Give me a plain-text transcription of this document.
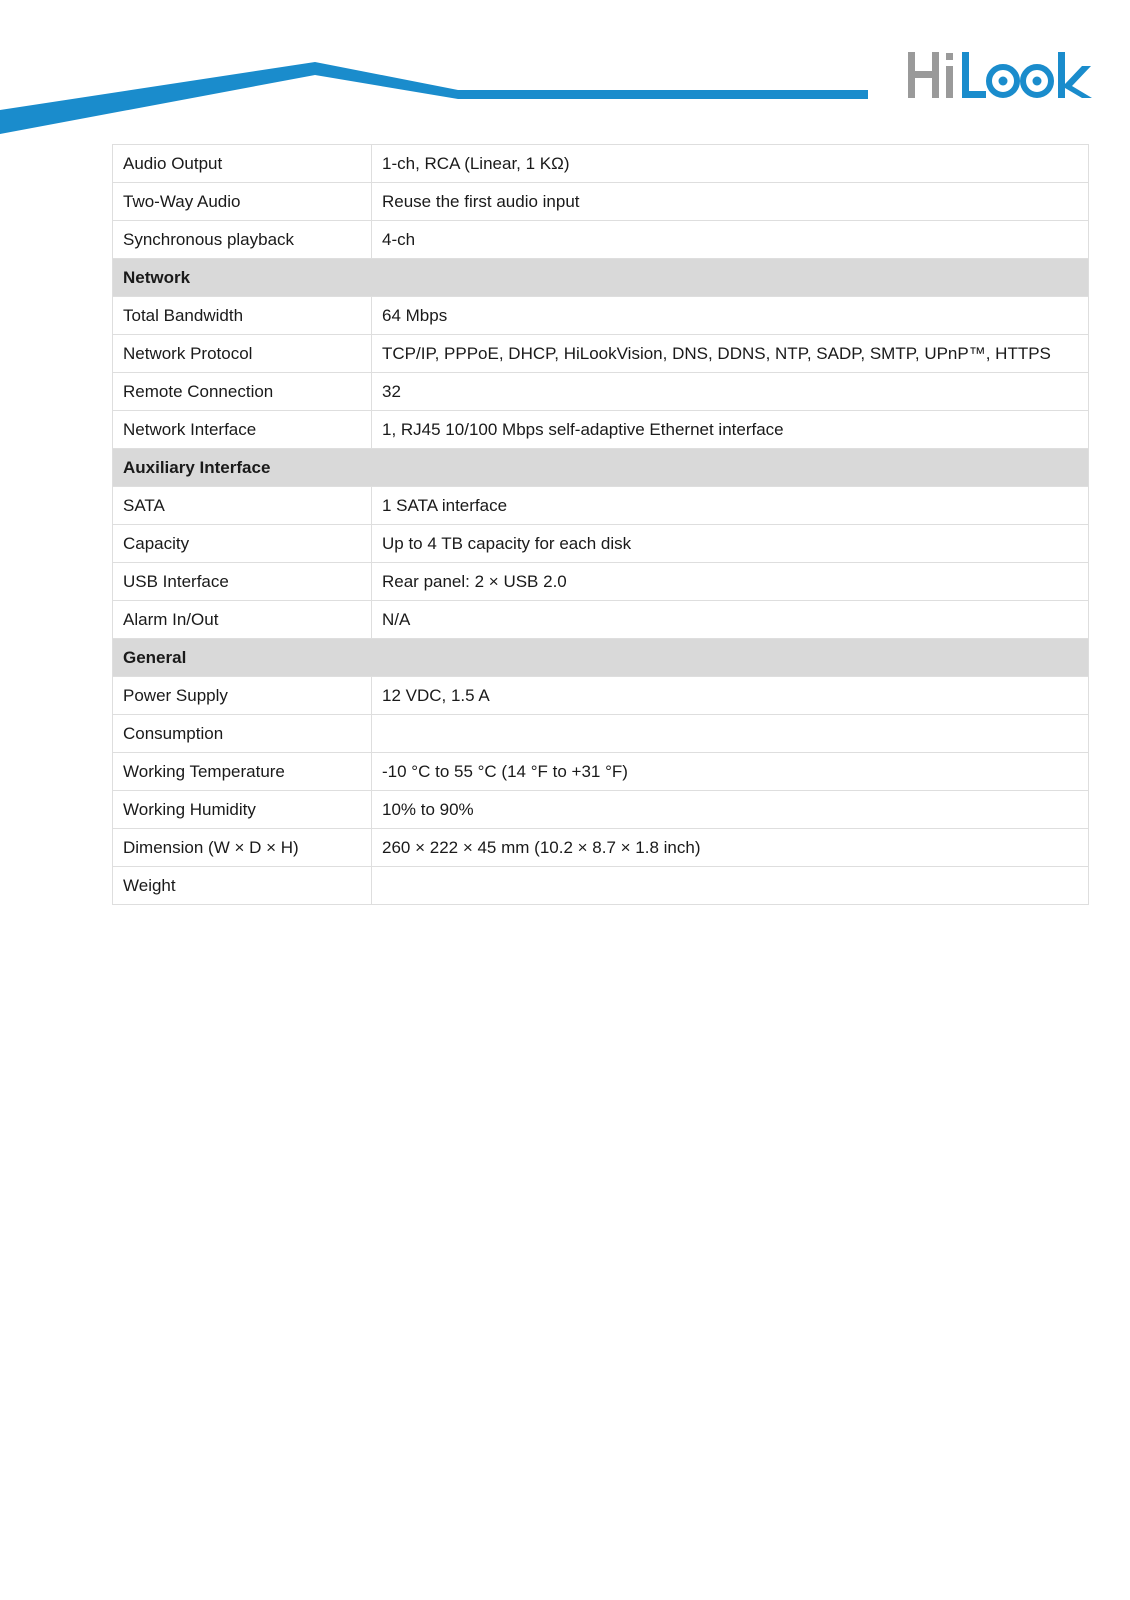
Audio Output	1-ch, RCA (Linear, 1 KΩ)
Two-Way Audio	Reuse the first audio input
Synchronous playback	4-ch
Network	
Total Bandwidth	64 Mbps
Network Protocol	TCP/IP, PPPoE, DHCP, HiLookVision, DNS, DDNS, NTP, SADP, SMTP, UPnP™, HTTPS
Remote Connection	32
Network Interface	1, RJ45 10/100 Mbps self-adaptive Ethernet interface
Auxiliary Interface	
SATA	1 SATA interface
Capacity	Up to 4 TB capacity for each disk
USB Interface	Rear panel: 2 × USB 2.0
Alarm In/Out	N/A
General	
Power Supply	12 VDC, 1.5 A
Consumption	
Working Temperature	-10 °C to 55 °C (14 °F to +31 °F)
Working Humidity	10% to 90%
Dimension (W × D × H)	260 × 222 × 45 mm (10.2 × 8.7 × 1.8 inch)
Weight	
